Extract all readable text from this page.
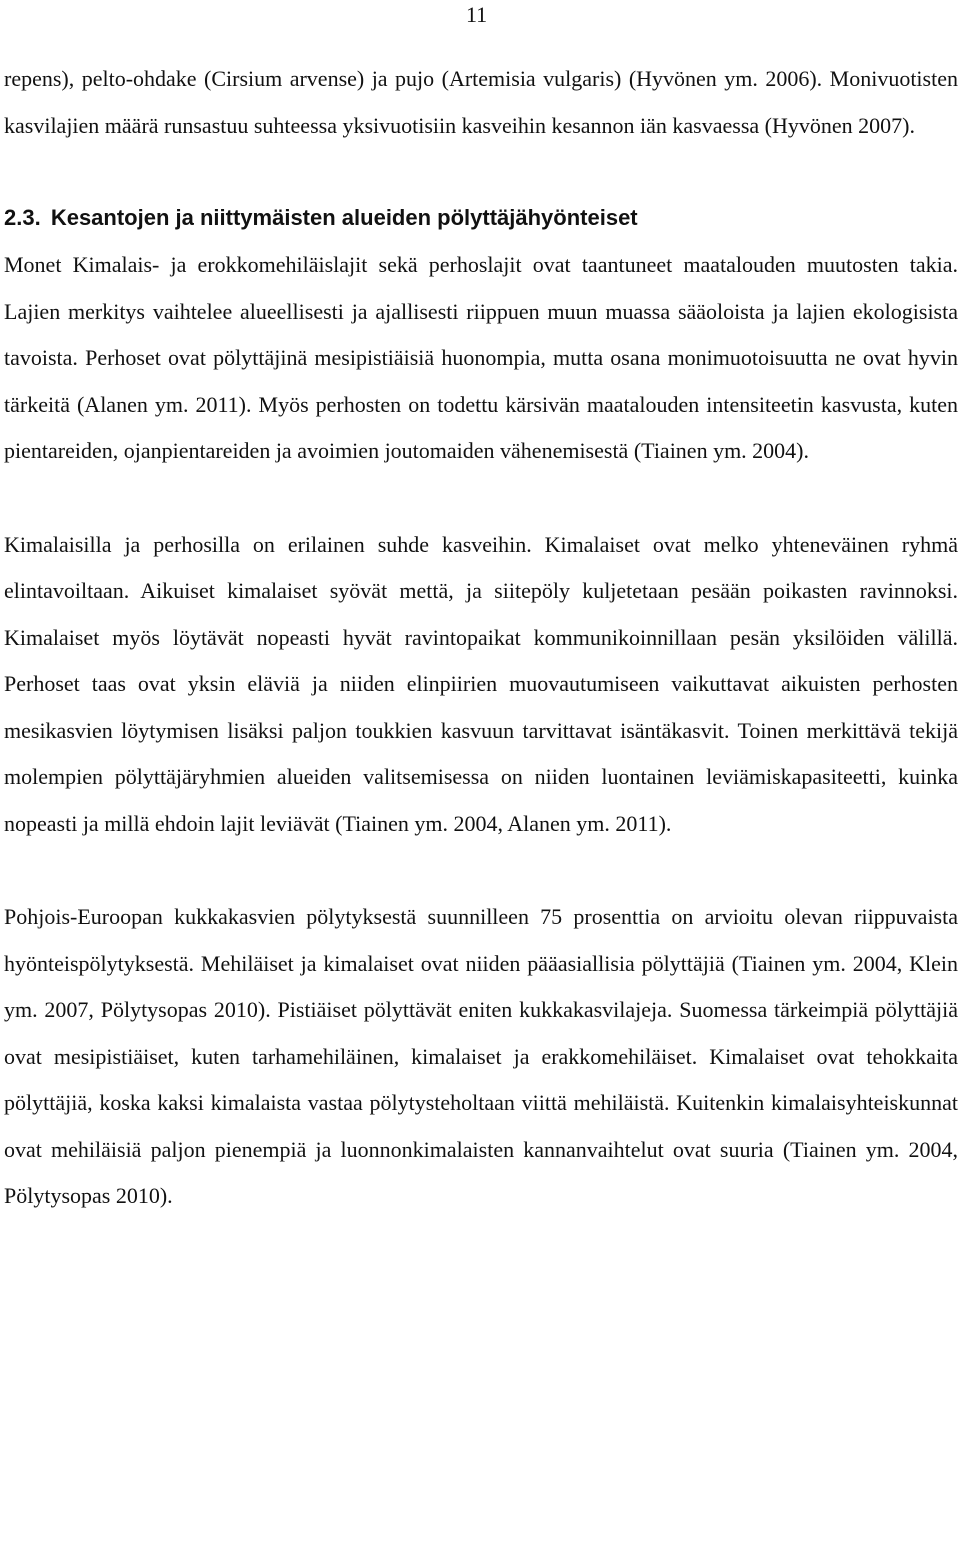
11

repens), pelto-ohdake (Cirsium arvense) ja pujo (Artemisia vulgaris) (Hyvönen ym. 2006). Monivuotisten kasvilajien määrä runsastuu suhteessa yksivuotisiin kasveihin kesannon iän kasvaessa (Hyvönen 2007).

2.3. Kesantojen ja niittymäisten alueiden pölyttäjähyönteiset

Monet Kimalais- ja erokkomehiläislajit sekä perhoslajit ovat taantuneet maatalouden muutosten takia. Lajien merkitys vaihtelee alueellisesti ja ajallisesti riippuen muun muassa sääoloista ja lajien ekologisista tavoista. Perhoset ovat pölyttäjinä mesipistiäisiä huonompia, mutta osana monimuotoisuutta ne ovat hyvin tärkeitä (Alanen ym. 2011). Myös perhosten on todettu kärsivän maatalouden intensiteetin kasvusta, kuten pientareiden, ojanpientareiden ja avoimien joutomaiden vähenemisestä (Tiainen ym. 2004).

Kimalaisilla ja perhosilla on erilainen suhde kasveihin. Kimalaiset ovat melko yhteneväinen ryhmä elintavoiltaan. Aikuiset kimalaiset syövät mettä, ja siitepöly kuljetetaan pesään poikasten ravinnoksi. Kimalaiset myös löytävät nopeasti hyvät ravintopaikat kommunikoinnillaan pesän yksilöiden välillä. Perhoset taas ovat yksin eläviä ja niiden elinpiirien muovautumiseen vaikuttavat aikuisten perhosten mesikasvien löytymisen lisäksi paljon toukkien kasvuun tarvittavat isäntäkasvit. Toinen merkittävä tekijä molempien pölyttäjäryhmien alueiden valitsemisessa on niiden luontainen leviämiskapasiteetti, kuinka nopeasti ja millä ehdoin lajit leviävät (Tiainen ym. 2004, Alanen ym. 2011).

Pohjois-Euroopan kukkakasvien pölytyksestä suunnilleen 75 prosenttia on arvioitu olevan riippuvaista hyönteispölytyksestä. Mehiläiset ja kimalaiset ovat niiden pääasiallisia pölyttäjiä (Tiainen ym. 2004, Klein ym. 2007, Pölytysopas 2010). Pistiäiset pölyttävät eniten kukkakasvilajeja. Suomessa tärkeimpiä pölyttäjiä ovat mesipistiäiset, kuten tarhamehiläinen, kimalaiset ja erakkomehiläiset. Kimalaiset ovat tehokkaita pölyttäjiä, koska kaksi kimalaista vastaa pölytysteholtaan viittä mehiläistä. Kuitenkin kimalaisyhteiskunnat ovat mehiläisiä paljon pienempiä ja luonnonkimalaisten kannanvaihtelut ovat suuria (Tiainen ym. 2004, Pölytysopas 2010).
